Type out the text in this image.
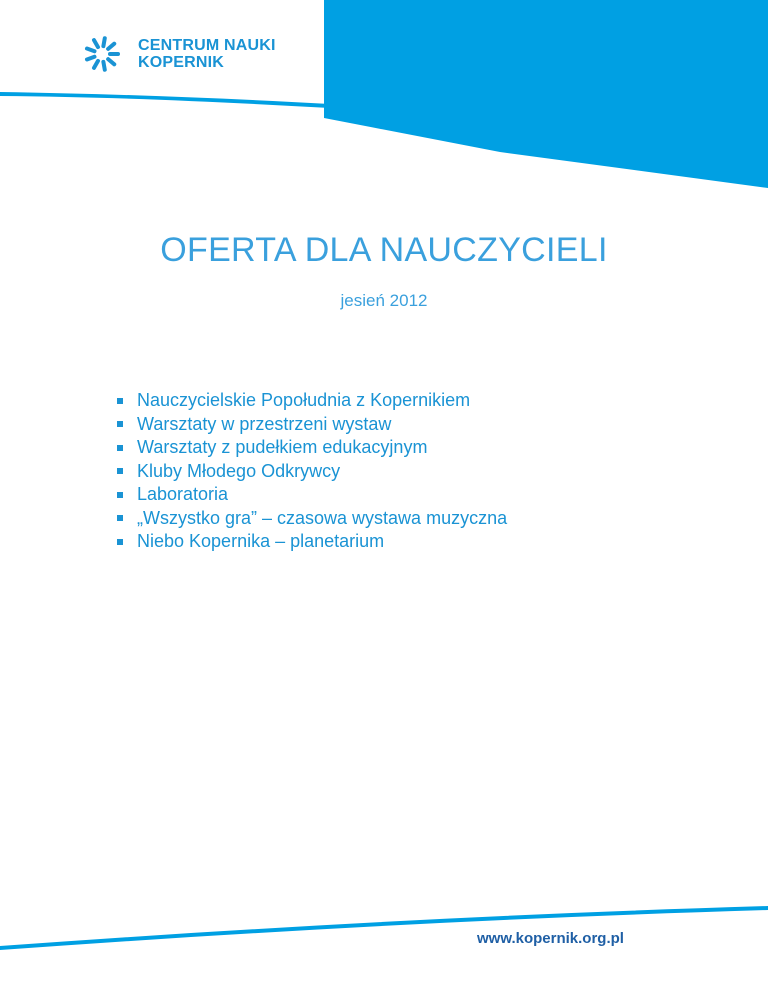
CENTRUM NAUKI
KOPERNIK
OFERTA DLA NAUCZYCIELI
jesień 2012
Nauczycielskie Popołudnia z Kopernikiem
Warsztaty w przestrzeni wystaw
Warsztaty z pudełkiem edukacyjnym
Kluby Młodego Odkrywcy
Laboratoria
„Wszystko gra” – czasowa wystawa muzyczna
Niebo Kopernika – planetarium
www.kopernik.org.pl
